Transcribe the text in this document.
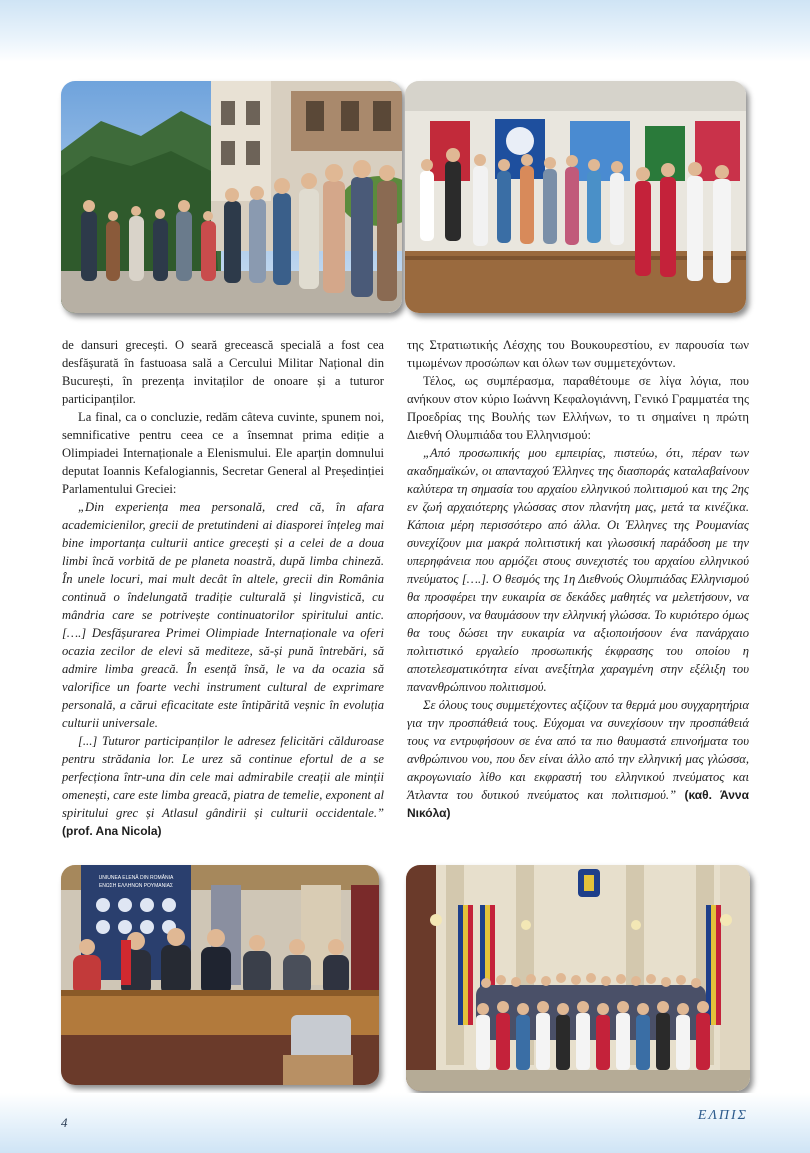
de dansuri grecești. O seară grecească specială a fost cea desfășurată în fastuoasa sală a Cercului Militar Național din București, în prezența invitaților de onoare și a tuturor participanților.

La final, ca o concluzie, redăm câteva cuvinte, spunem noi, semnificative pentru ceea ce a însemnat prima ediție a Olimpiadei Internaționale a Elenismului. Ele aparțin domnului deputat Ioannis Kefalogiannis, Secretar General al Președinției Parlamentului Greciei:

„Din experiența mea personală, cred că, în afara academicienilor, grecii de pretutindeni ai diasporei înțeleg mai bine importanța culturii antice grecești și a celei de a doua limbi încă vorbită de pe planeta noastră, după limba chineză. În unele locuri, mai mult decât în altele, grecii din România continuă o îndelungată tradiție culturală și lingvistică, cu mândria care se potrivește continuatorilor spiritului antic. [….] Desfășurarea Primei Olimpiade Internaționale va oferi ocazia zecilor de elevi să mediteze, să-și pună întrebări, să admire limba greacă. În esență însă, le va da ocazia să valorifice un foarte vechi instrument cultural de exprimare personală, a cărui eficacitate este întipărită veșnic în evoluția culturii universale.

[...] Tuturor participanților le adresez felicitări călduroase pentru strădania lor. Le urez să continue efortul de a se perfecționa într-una din cele mai admirabile creații ale minții omenești, care este limba greacă, piatra de temelie, exponent al spiritului grec și Atlasul gândirii și culturii occidentale.” (prof. Ana Nicola)

της Στρατιωτικής Λέσχης του Βουκουρεστίου, εν παρουσία των τιμωμένων προσώπων και όλων των συμμετεχόντων.

Τέλος, ως συμπέρασμα, παραθέτουμε σε λίγα λόγια, που ανήκουν στον κύριο Ιωάννη Κεφαλογιάννη, Γενικό Γραμματέα της Προεδρίας της Βουλής των Ελλήνων, το τι σημαίνει η πρώτη Διεθνή Ολυμπιάδα του Ελληνισμού:

„Από προσωπικής μου εμπειρίας, πιστεύω, ότι, πέραν των ακαδημαϊκών, οι απανταχού Έλληνες της διασποράς καταλαβαίνουν καλύτερα τη σημασία του αρχαίου ελληνικού πολιτισμού και της 2ης εν ζωή αρχαιότερης γλώσσας στον πλανήτη μας, μετά τα κινέζικα. Κάποια μέρη περισσότερο από άλλα. Οι Έλληνες της Ρουμανίας συνεχίζουν μια μακρά πολιτιστική και γλωσσική παράδοση με την υπερηφάνεια που αρμόζει στους συνεχιστές του αρχαίου ελληνικού πνεύματος [….]. Ο θεσμός της 1η Διεθνούς Ολυμπιάδας Ελληνισμού θα προσφέρει την ευκαιρία σε δεκάδες μαθητές να μελετήσουν, να απορήσουν, να θαυμάσουν την ελληνική γλώσσα. Το κυριότερο όμως θα τους δώσει την ευκαιρία να αξιοποιήσουν ένα πανάρχαιο πολιτιστικό εργαλείο προσωπικής έκφρασης του οποίου η αποτελεσματικότητα είναι ανεξίτηλα χαραγμένη στην εξέλιξη του πανανθρώπινου πολιτισμού.

Σε όλους τους συμμετέχοντες αξίζουν τα θερμά μου συγχαρητήρια για την προσπάθειά τους. Εύχομαι να συνεχίσουν την προσπάθειά τους να εντρυφήσουν σε ένα από τα πιο θαυμαστά επινοήματα του ανθρώπινου νου, που δεν είναι άλλο από την ελληνική μας γλώσσα, ακρογωνιαίο λίθο και εκφραστή του ελληνικού πνεύματος και Άτλαντα του δυτικού πνεύματος και πολιτισμού.” (καθ. Άννα Νικόλα)

UNIUNEA ELENĂ DIN ROMÂNIA
ΕΝΩΣΗ ΕΛΛΗΝΩΝ ΡΟΥΜΑΝΙΑΣ
4	ΕΛΠΙΣ
